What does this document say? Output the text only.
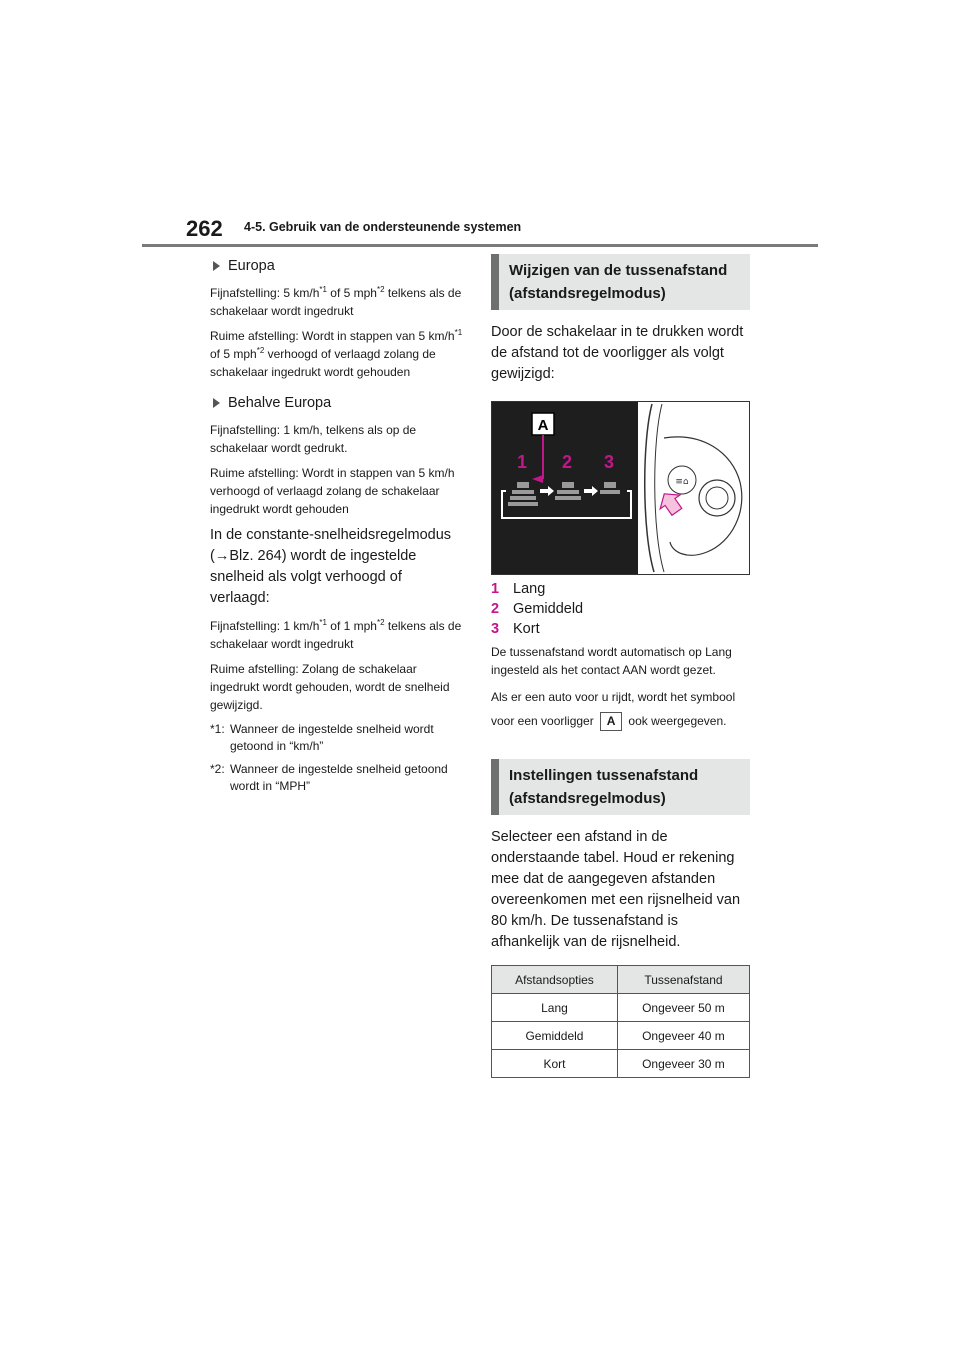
262 4-5. Gebruik van de ondersteunende systemen
Europa

Fijnafstelling: 5 $km/h^{*1}$ of 5 mph$^{*2}$ telkens als de schakelaar wordt ingedrukt

Ruime afstelling: Wordt in stappen van 5 $km/h^{*1}$ of 5 mph$^{*2}$ verhoogd of verlaagd zolang de schakelaar ingedrukt wordt gehouden

Behalve Europa

Fijnafstelling: 1 km/h, telkens als op de schakelaar wordt gedrukt.

Ruime afstelling: Wordt in stappen van 5 km/h verhoogd of verlaagd zolang de schakelaar ingedrukt wordt gehouden

In de constante-snelheidsregelmodus (→Blz. 264) wordt de ingestelde snelheid als volgt verhoogd of verlaagd:

Fijnafstelling: 1 $km/h^{*1}$ of 1 mph$^{*2}$ telkens als de schakelaar wordt ingedrukt

Ruime afstelling: Zolang de schakelaar ingedrukt wordt gehouden, wordt de snelheid gewijzigd.

*1: Wanneer de ingestelde snelheid wordt getoond in “km/h”
*2: Wanneer de ingestelde snelheid getoond wordt in “MPH”
Wijzigen van de tussenafstand (afstandsregelmodus)

Door de schakelaar in te drukken wordt de afstand tot de voorligger als volgt gewijzigd:

A
1 2 3
≡⌂
1 Lang
2 Gemiddeld
3 Kort

De tussenafstand wordt automatisch op Lang ingesteld als het contact AAN wordt gezet.

Als er een auto voor u rijdt, wordt het symbool voor een voorligger A ook weergegeven.

Instellingen tussenafstand (afstandsregelmodus)

Selecteer een afstand in de onderstaande tabel. Houd er rekening mee dat de aangegeven afstanden overeenkomen met een rijsnelheid van 80 km/h. De tussenafstand is afhankelijk van de rijsnelheid.

Afstandsopties	Tussenafstand
Lang	Ongeveer 50 m
Gemiddeld	Ongeveer 40 m
Kort	Ongeveer 30 m
